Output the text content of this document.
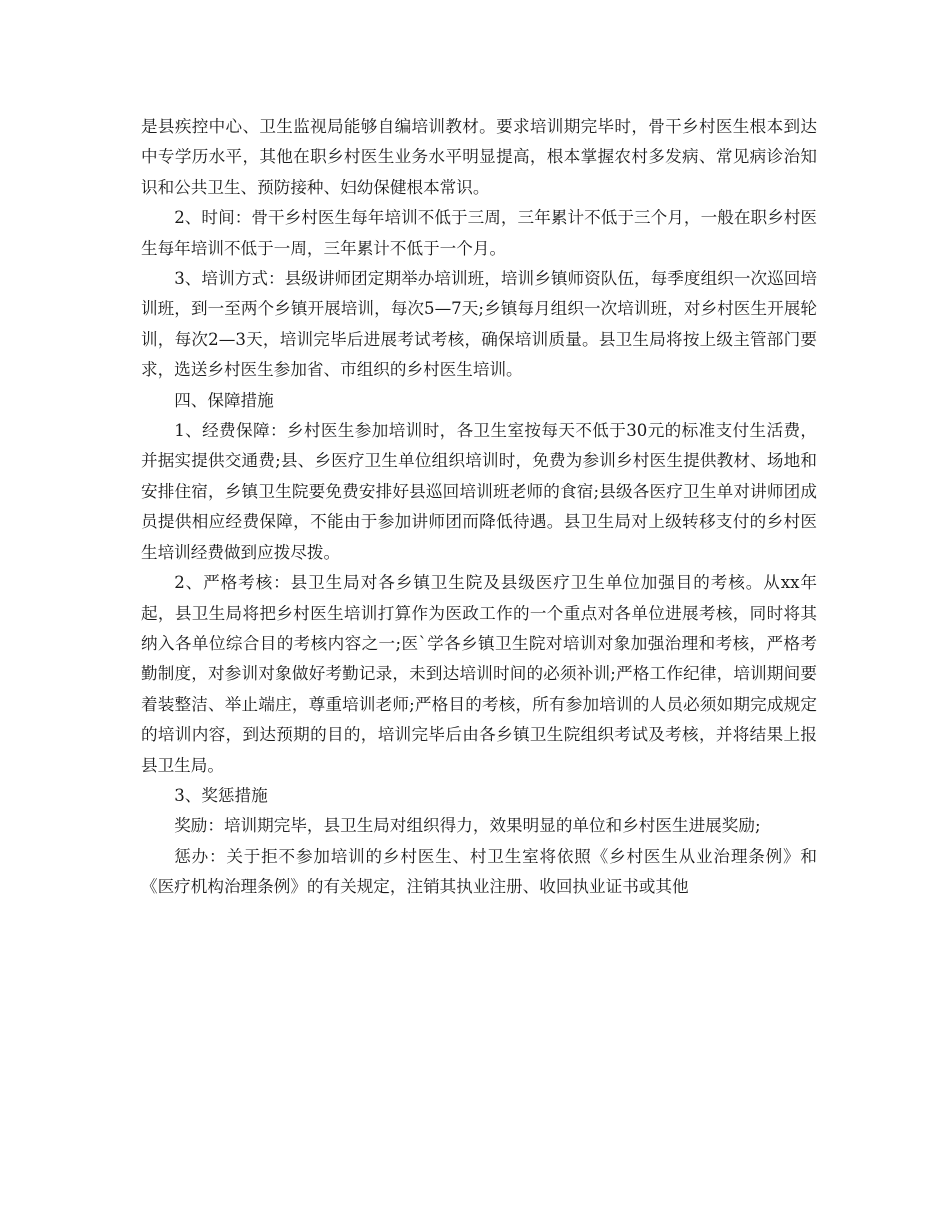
是县疾控中心、卫生监视局能够自编培训教材。要求培训期完毕时，骨干乡村医生根本到达中专学历水平，其他在职乡村医生业务水平明显提高，根本掌握农村多发病、常见病诊治知识和公共卫生、预防接种、妇幼保健根本常识。

2、时间：骨干乡村医生每年培训不低于三周，三年累计不低于三个月，一般在职乡村医生每年培训不低于一周，三年累计不低于一个月。

3、培训方式：县级讲师团定期举办培训班，培训乡镇师资队伍，每季度组织一次巡回培训班，到一至两个乡镇开展培训，每次5—7天;乡镇每月组织一次培训班，对乡村医生开展轮训，每次2—3天，培训完毕后进展考试考核，确保培训质量。县卫生局将按上级主管部门要求，选送乡村医生参加省、市组织的乡村医生培训。

四、保障措施

1、经费保障：乡村医生参加培训时，各卫生室按每天不低于30元的标准支付生活费，并据实提供交通费;县、乡医疗卫生单位组织培训时，免费为参训乡村医生提供教材、场地和安排住宿，乡镇卫生院要免费安排好县巡回培训班老师的食宿;县级各医疗卫生单对讲师团成员提供相应经费保障，不能由于参加讲师团而降低待遇。县卫生局对上级转移支付的乡村医生培训经费做到应拨尽拨。

2、严格考核：县卫生局对各乡镇卫生院及县级医疗卫生单位加强目的考核。从xx年起，县卫生局将把乡村医生培训打算作为医政工作的一个重点对各单位进展考核，同时将其纳入各单位综合目的考核内容之一;医`学各乡镇卫生院对培训对象加强治理和考核，严格考勤制度，对参训对象做好考勤记录，未到达培训时间的必须补训;严格工作纪律，培训期间要着装整洁、举止端庄，尊重培训老师;严格目的考核，所有参加培训的人员必须如期完成规定的培训内容，到达预期的目的，培训完毕后由各乡镇卫生院组织考试及考核，并将结果上报县卫生局。

3、奖惩措施

奖励：培训期完毕，县卫生局对组织得力，效果明显的单位和乡村医生进展奖励;

惩办：关于拒不参加培训的乡村医生、村卫生室将依照《乡村医生从业治理条例》和《医疗机构治理条例》的有关规定，注销其执业注册、收回执业证书或其他
